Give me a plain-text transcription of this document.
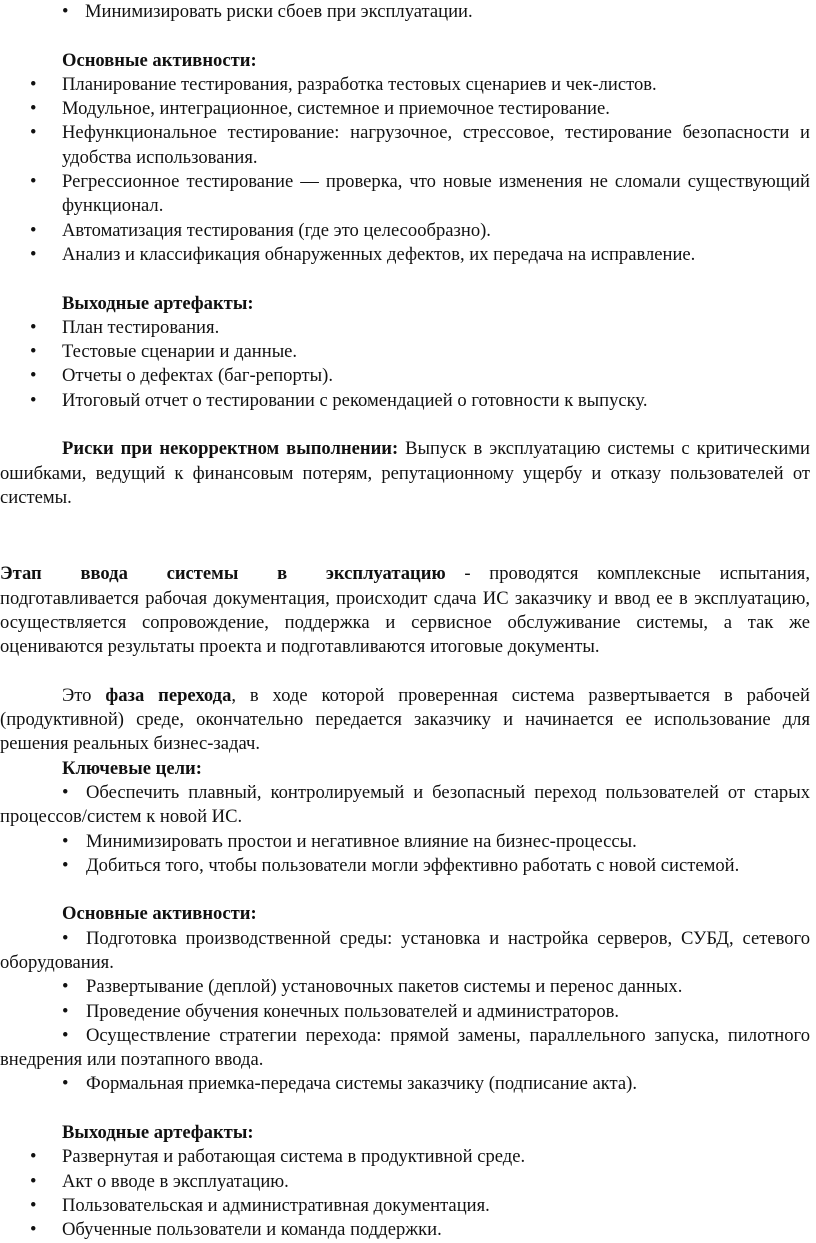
• Минимизировать риски сбоев при эксплуатации.

Основные активности:

• Планирование тестирования, разработка тестовых сценариев и чек-листов.
• Модульное, интеграционное, системное и приемочное тестирование.
• Нефункциональное тестирование: нагрузочное, стрессовое, тестирование безопасности и удобства использования.
• Регрессионное тестирование — проверка, что новые изменения не сломали существующий функционал.
• Автоматизация тестирования (где это целесообразно).
• Анализ и классификация обнаруженных дефектов, их передача на исправление.

Выходные артефакты:

• План тестирования.
• Тестовые сценарии и данные.
• Отчеты о дефектах (баг-репорты).
• Итоговый отчет о тестировании с рекомендацией о готовности к выпуску.

Риски при некорректном выполнении: Выпуск в эксплуатацию системы с критическими ошибками, ведущий к финансовым потерям, репутационному ущербу и отказу пользователей от системы.

Этап ввода системы в эксплуатацию - проводятся комплексные испытания, подготавливается рабочая документация, происходит сдача ИС заказчику и ввод ее в эксплуатацию, осуществляется сопровождение, поддержка и сервисное обслуживание системы, а так же оцениваются результаты проекта и подготавливаются итоговые документы.

Это фаза перехода, в ходе которой проверенная система развертывается в рабочей (продуктивной) среде, окончательно передается заказчику и начинается ее использование для решения реальных бизнес-задач.

Ключевые цели:

•Обеспечить плавный, контролируемый и безопасный переход пользователей от старых процессов/систем к новой ИС.
•Минимизировать простои и негативное влияние на бизнес-процессы.
•Добиться того, чтобы пользователи могли эффективно работать с новой системой.

Основные активности:

•Подготовка производственной среды: установка и настройка серверов, СУБД, сетевого оборудования.
•Развертывание (деплой) установочных пакетов системы и перенос данных.
•Проведение обучения конечных пользователей и администраторов.
•Осуществление стратегии перехода: прямой замены, параллельного запуска, пилотного внедрения или поэтапного ввода.
•Формальная приемка-передача системы заказчику (подписание акта).

Выходные артефакты:

• Развернутая и работающая система в продуктивной среде.
• Акт о вводе в эксплуатацию.
• Пользовательская и административная документация.
• Обученные пользователи и команда поддержки.
